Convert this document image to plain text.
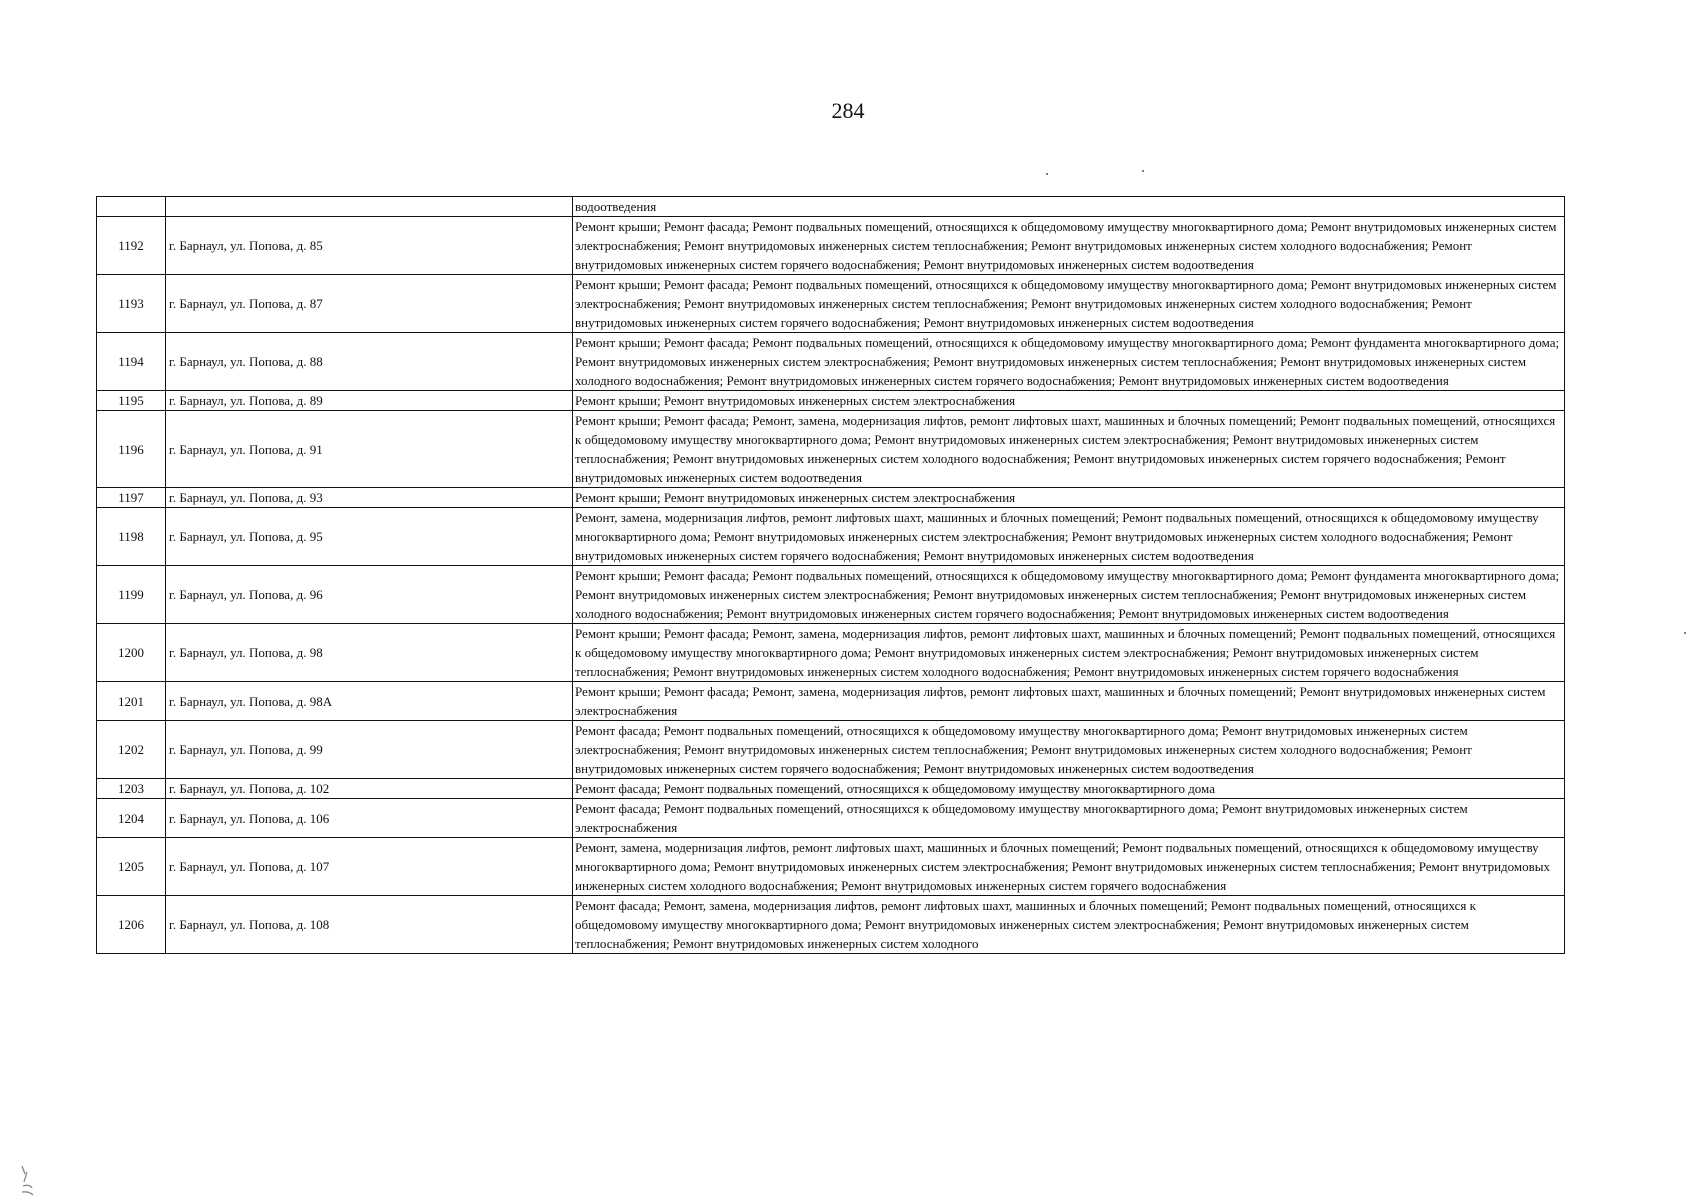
284
		водоотведения
1192	г. Барнаул, ул. Попова, д. 85	Ремонт крыши; Ремонт фасада; Ремонт подвальных помещений, относящихся к общедомовому имуществу многоквартирного дома; Ремонт внутридомовых инженерных систем электроснабжения; Ремонт внутридомовых инженерных систем теплоснабжения; Ремонт внутридомовых инженерных систем холодного водоснабжения; Ремонт внутридомовых инженерных систем горячего водоснабжения; Ремонт внутридомовых инженерных систем водоотведения
1193	г. Барнаул, ул. Попова, д. 87	Ремонт крыши; Ремонт фасада; Ремонт подвальных помещений, относящихся к общедомовому имуществу многоквартирного дома; Ремонт внутридомовых инженерных систем электроснабжения; Ремонт внутридомовых инженерных систем теплоснабжения; Ремонт внутридомовых инженерных систем холодного водоснабжения; Ремонт внутридомовых инженерных систем горячего водоснабжения; Ремонт внутридомовых инженерных систем водоотведения
1194	г. Барнаул, ул. Попова, д. 88	Ремонт крыши; Ремонт фасада; Ремонт подвальных помещений, относящихся к общедомовому имуществу многоквартирного дома; Ремонт фундамента многоквартирного дома; Ремонт внутридомовых инженерных систем электроснабжения; Ремонт внутридомовых инженерных систем теплоснабжения; Ремонт внутридомовых инженерных систем холодного водоснабжения; Ремонт внутридомовых инженерных систем горячего водоснабжения; Ремонт внутридомовых инженерных систем водоотведения
1195	г. Барнаул, ул. Попова, д. 89	Ремонт крыши; Ремонт внутридомовых инженерных систем электроснабжения
1196	г. Барнаул, ул. Попова, д. 91	Ремонт крыши; Ремонт фасада; Ремонт, замена, модернизация лифтов, ремонт лифтовых шахт, машинных и блочных помещений; Ремонт подвальных помещений, относящихся к общедомовому имуществу многоквартирного дома; Ремонт внутридомовых инженерных систем электроснабжения; Ремонт внутридомовых инженерных систем теплоснабжения; Ремонт внутридомовых инженерных систем холодного водоснабжения; Ремонт внутридомовых инженерных систем горячего водоснабжения; Ремонт внутридомовых инженерных систем водоотведения
1197	г. Барнаул, ул. Попова, д. 93	Ремонт крыши; Ремонт внутридомовых инженерных систем электроснабжения
1198	г. Барнаул, ул. Попова, д. 95	Ремонт, замена, модернизация лифтов, ремонт лифтовых шахт, машинных и блочных помещений; Ремонт подвальных помещений, относящихся к общедомовому имуществу многоквартирного дома; Ремонт внутридомовых инженерных систем электроснабжения; Ремонт внутридомовых инженерных систем холодного водоснабжения; Ремонт внутридомовых инженерных систем горячего водоснабжения; Ремонт внутридомовых инженерных систем водоотведения
1199	г. Барнаул, ул. Попова, д. 96	Ремонт крыши; Ремонт фасада; Ремонт подвальных помещений, относящихся к общедомовому имуществу многоквартирного дома; Ремонт фундамента многоквартирного дома; Ремонт внутридомовых инженерных систем электроснабжения; Ремонт внутридомовых инженерных систем теплоснабжения; Ремонт внутридомовых инженерных систем холодного водоснабжения; Ремонт внутридомовых инженерных систем горячего водоснабжения; Ремонт внутридомовых инженерных систем водоотведения
1200	г. Барнаул, ул. Попова, д. 98	Ремонт крыши; Ремонт фасада; Ремонт, замена, модернизация лифтов, ремонт лифтовых шахт, машинных и блочных помещений; Ремонт подвальных помещений, относящихся к общедомовому имуществу многоквартирного дома; Ремонт внутридомовых инженерных систем электроснабжения; Ремонт внутридомовых инженерных систем теплоснабжения; Ремонт внутридомовых инженерных систем холодного водоснабжения; Ремонт внутридомовых инженерных систем горячего водоснабжения
1201	г. Барнаул, ул. Попова, д. 98А	Ремонт крыши; Ремонт фасада; Ремонт, замена, модернизация лифтов, ремонт лифтовых шахт, машинных и блочных помещений; Ремонт внутридомовых инженерных систем электроснабжения
1202	г. Барнаул, ул. Попова, д. 99	Ремонт фасада; Ремонт подвальных помещений, относящихся к общедомовому имуществу многоквартирного дома; Ремонт внутридомовых инженерных систем электроснабжения; Ремонт внутридомовых инженерных систем теплоснабжения; Ремонт внутридомовых инженерных систем холодного водоснабжения; Ремонт внутридомовых инженерных систем горячего водоснабжения; Ремонт внутридомовых инженерных систем водоотведения
1203	г. Барнаул, ул. Попова, д. 102	Ремонт фасада; Ремонт подвальных помещений, относящихся к общедомовому имуществу многоквартирного дома
1204	г. Барнаул, ул. Попова, д. 106	Ремонт фасада; Ремонт подвальных помещений, относящихся к общедомовому имуществу многоквартирного дома; Ремонт внутридомовых инженерных систем электроснабжения
1205	г. Барнаул, ул. Попова, д. 107	Ремонт, замена, модернизация лифтов, ремонт лифтовых шахт, машинных и блочных помещений; Ремонт подвальных помещений, относящихся к общедомовому имуществу многоквартирного дома; Ремонт внутридомовых инженерных систем электроснабжения; Ремонт внутридомовых инженерных систем теплоснабжения; Ремонт внутридомовых инженерных систем холодного водоснабжения; Ремонт внутридомовых инженерных систем горячего водоснабжения
1206	г. Барнаул, ул. Попова, д. 108	Ремонт фасада; Ремонт, замена, модернизация лифтов, ремонт лифтовых шахт, машинных и блочных помещений; Ремонт подвальных помещений, относящихся к общедомовому имуществу многоквартирного дома; Ремонт внутридомовых инженерных систем электроснабжения; Ремонт внутридомовых инженерных систем теплоснабжения; Ремонт внутридомовых инженерных систем холодного
